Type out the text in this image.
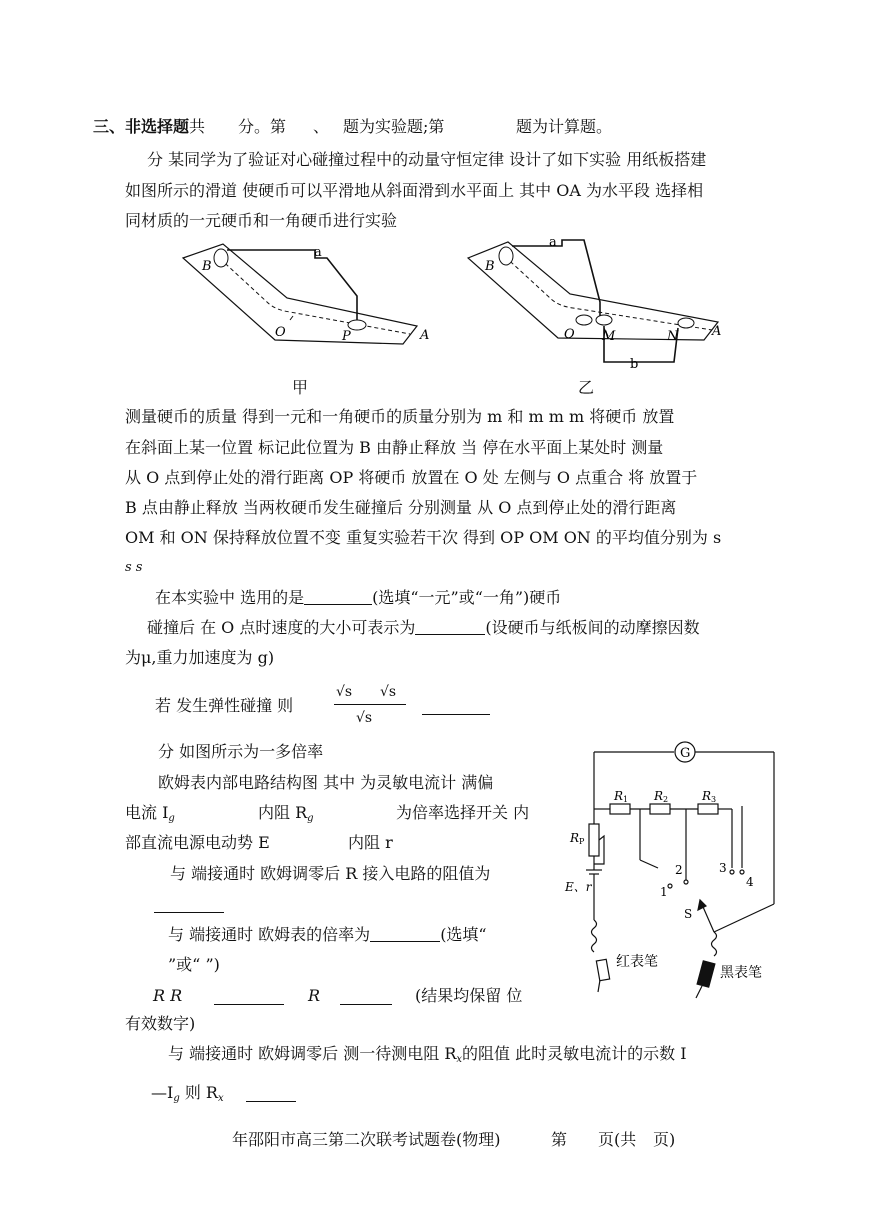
三、非选择题共 分。第 、 题为实验题;第	题为计算题。
分 某同学为了验证对心碰撞过程中的动量守恒定律 设计了如下实验 用纸板搭建
如图所示的滑道 使硬币可以平滑地从斜面滑到水平面上 其中 OA 为水平段 选择相
同材质的一元硬币和一角硬币进行实验
a
B
O	P	A
甲
a
B
O M	N	A
b
乙
测量硬币的质量 得到一元和一角硬币的质量分别为 m 和 m m m 将硬币 放置
在斜面上某一位置 标记此位置为 B 由静止释放 当 停在水平面上某处时 测量
从 O 点到停止处的滑行距离 OP 将硬币 放置在 O 处 左侧与 O 点重合 将 放置于
B 点由静止释放 当两枚硬币发生碰撞后 分别测量 从 O 点到停止处的滑行距离
OM 和 ON 保持释放位置不变 重复实验若干次 得到 OP OM ON 的平均值分别为 s
s s
在本实验中 选用的是	(选填“一元”或“一角”)硬币
碰撞后 在 O 点时速度的大小可表示为	(设硬币与纸板间的动摩擦因数
为μ,重力加速度为 g)
若 发生弹性碰撞 则
√s √s
√s
分 如图所示为一多倍率
欧姆表内部电路结构图 其中 为灵敏电流计 满偏
电流 $I_g$	内阻 $R_g$	为倍率选择开关 内
部直流电源电动势 E	内阻 r
与 端接通时 欧姆调零后 R 接入电路的阻值为
与 端接通时 欧姆表的倍率为	(选填“
”或“ ”)
R R	R	(结果均保留 位
有效数字)
与 端接通时 欧姆调零后 测一待测电阻 $R_x$的阻值 此时灵敏电流计的示数 I
$—I_g$ 则 $R_x$
G
R 1 R 2	R 3
R P
E、r	1
2	3
4
S
红表笔
黑表笔
年邵阳市高三第二次联考试题卷(物理)	第 页(共 页)
